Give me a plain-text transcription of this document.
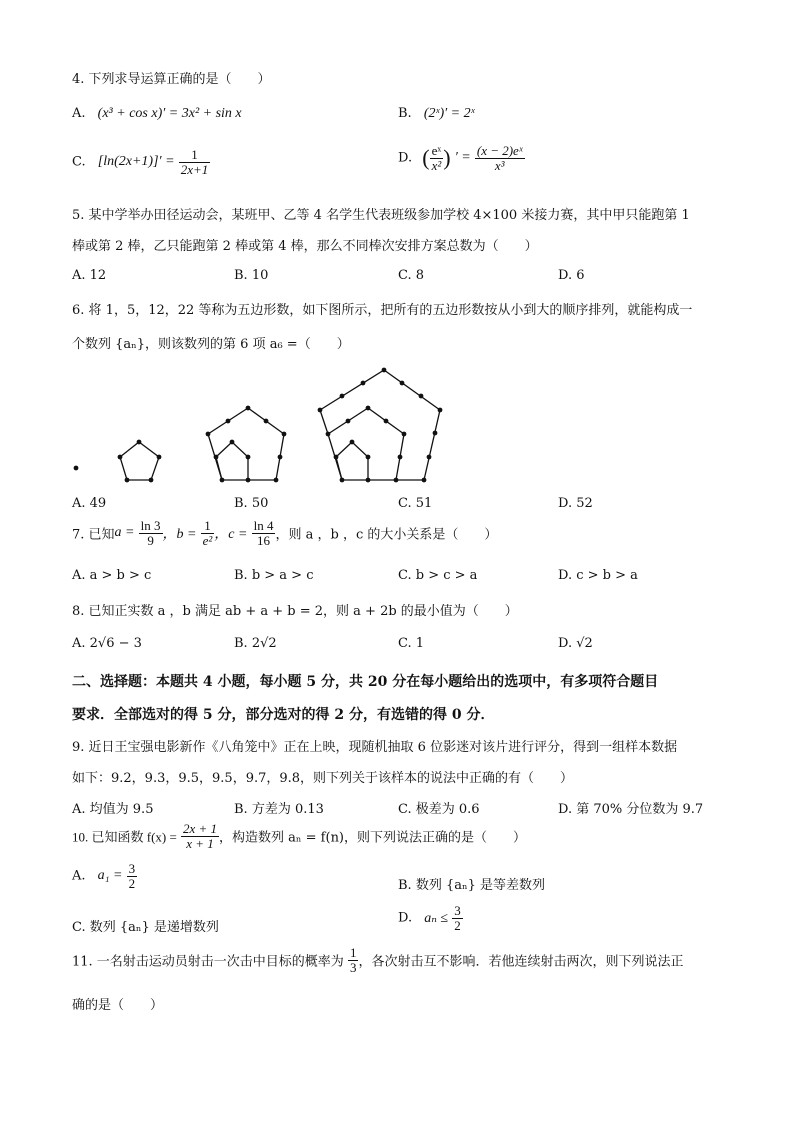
4. 下列求导运算正确的是（　　）
A. (x³ + cos x)′ = 3x² + sin x	B. (2ˣ)′ = 2ˣ
C. $[\ln(2x+1)]' = \frac{1}{2x+1}$	D. ( $\frac{\text{eˣ}}{\text{x²}}$ ) ′ = $\frac{\text{(x − 2)eˣ}}{\text{x³}}$
5. 某中学举办田径运动会，某班甲、乙等 4 名学生代表班级参加学校 4×100 米接力赛，其中甲只能跑第 1
棒或第 2 棒，乙只能跑第 2 棒或第 4 棒，那么不同棒次安排方案总数为（　　）
A. 12	B. 10	C. 8	D. 6
6. 将 1，5，12，22 等称为五边形数，如下图所示，把所有的五边形数按从小到大的顺序排列，就能构成一
个数列 {aₙ}，则该数列的第 6 项 a₆ =（　　）
A. 49	B. 50	C. 51	D. 52
7. 已知$a = \frac{\ln 3}{9}$ ，$b = \frac{1}{\text{e²}}$ ，$c = \frac{\ln 4}{16}$ ，则 a ，b ，c 的大小关系是（　　）
A. a > b > c	B. b > a > c	C. b > c > a	D. c > b > a
8. 已知正实数 a ，b 满足 ab + a + b = 2，则 a + 2b 的最小值为（　　）
A. 2√6 − 3	B. 2√2	C. 1	D. √2
二、选择题：本题共 4 小题，每小题 5 分，共 20 分在每小题给出的选项中，有多项符合题目
要求．全部选对的得 5 分，部分选对的得 2 分，有选错的得 0 分．
9. 近日王宝强电影新作《八角笼中》正在上映，现随机抽取 6 位影迷对该片进行评分，得到一组样本数据
如下：9.2，9.3，9.5，9.5，9.7，9.8，则下列关于该样本的说法中正确的有（　　）
A. 均值为 9.5	B. 方差为 0.13	C. 极差为 0.6	D. 第 70% 分位数为 9.7
10. 已知函数 $f(x) = \frac{2x + 1}{x + 1}$ ，构造数列 aₙ = f(n)，则下列说法正确的是（　　）
A. $a_1 = \frac{3}{2}$	B. 数列 {aₙ} 是等差数列
C. 数列 {aₙ} 是递增数列
D. $a_n \le \frac{3}{2}$
11. 一名射击运动员射击一次击中目标的概率为 $\frac{1}{3}$ ，各次射击互不影响．若他连续射击两次，则下列说法正
确的是（　　）
